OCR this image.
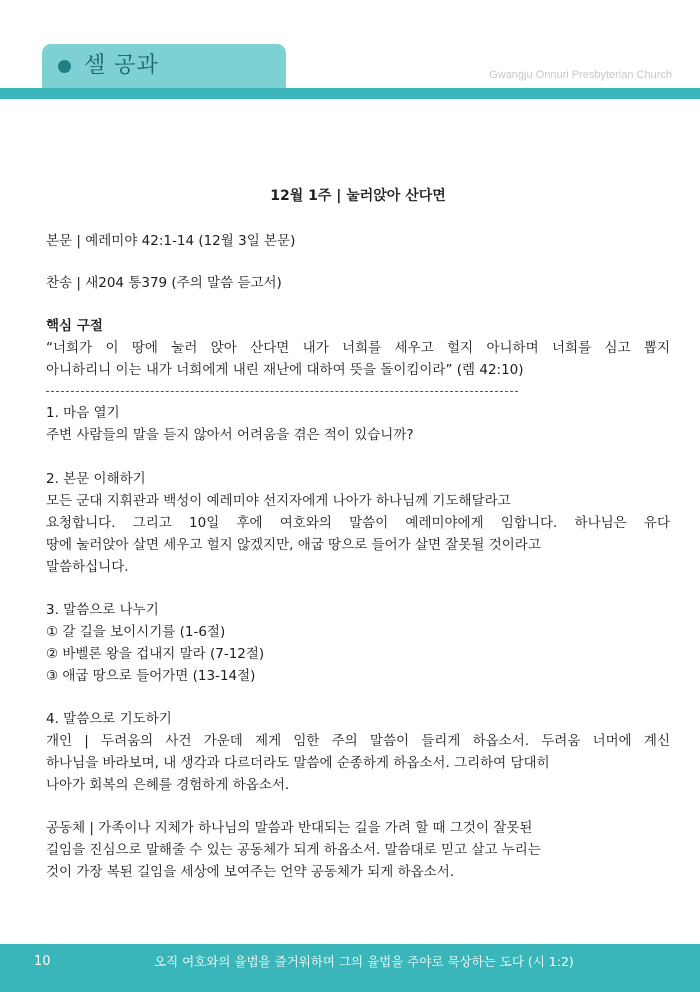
셀 공과	Gwangju Onnuri Presbyterian Church
12월 1주 | 눌러앉아 산다면
본문 | 예레미야 42:1-14 (12월 3일 본문)
찬송 | 새204 통379 (주의 말씀 듣고서)
핵심 구절
“너희가 이 땅에 눌러 앉아 산다면 내가 너희를 세우고 헐지 아니하며 너희를 심고 뽑지
아니하리니 이는 내가 너희에게 내린 재난에 대하여 뜻을 돌이킴이라” (렘 42:10)
1. 마음 열기
주변 사람들의 말을 듣지 않아서 어려움을 겪은 적이 있습니까?
2. 본문 이해하기
모든 군대 지휘관과 백성이 예레미야 선지자에게 나아가 하나님께 기도해달라고
요청합니다. 그리고 10일 후에 여호와의 말씀이 예레미야에게 임합니다. 하나님은 유다
땅에 눌러앉아 살면 세우고 헐지 않겠지만, 애굽 땅으로 들어가 살면 잘못될 것이라고
말씀하십니다.
3. 말씀으로 나누기
① 갈 길을 보이시기를 (1-6절)
② 바벨론 왕을 겁내지 말라 (7-12절)
③ 애굽 땅으로 들어가면 (13-14절)
4. 말씀으로 기도하기
개인 | 두려움의 사건 가운데 제게 임한 주의 말씀이 들리게 하옵소서. 두려움 너머에 계신
하나님을 바라보며, 내 생각과 다르더라도 말씀에 순종하게 하옵소서. 그리하여 담대히
나아가 회복의 은혜를 경험하게 하옵소서.
공동체 | 가족이나 지체가 하나님의 말씀과 반대되는 길을 가려 할 때 그것이 잘못된
길임을 진심으로 말해줄 수 있는 공동체가 되게 하옵소서. 말씀대로 믿고 살고 누리는
것이 가장 복된 길임을 세상에 보여주는 언약 공동체가 되게 하옵소서.
10	오직 여호와의 율법을 즐거워하며 그의 율법을 주야로 묵상하는 도다 (시 1:2)
